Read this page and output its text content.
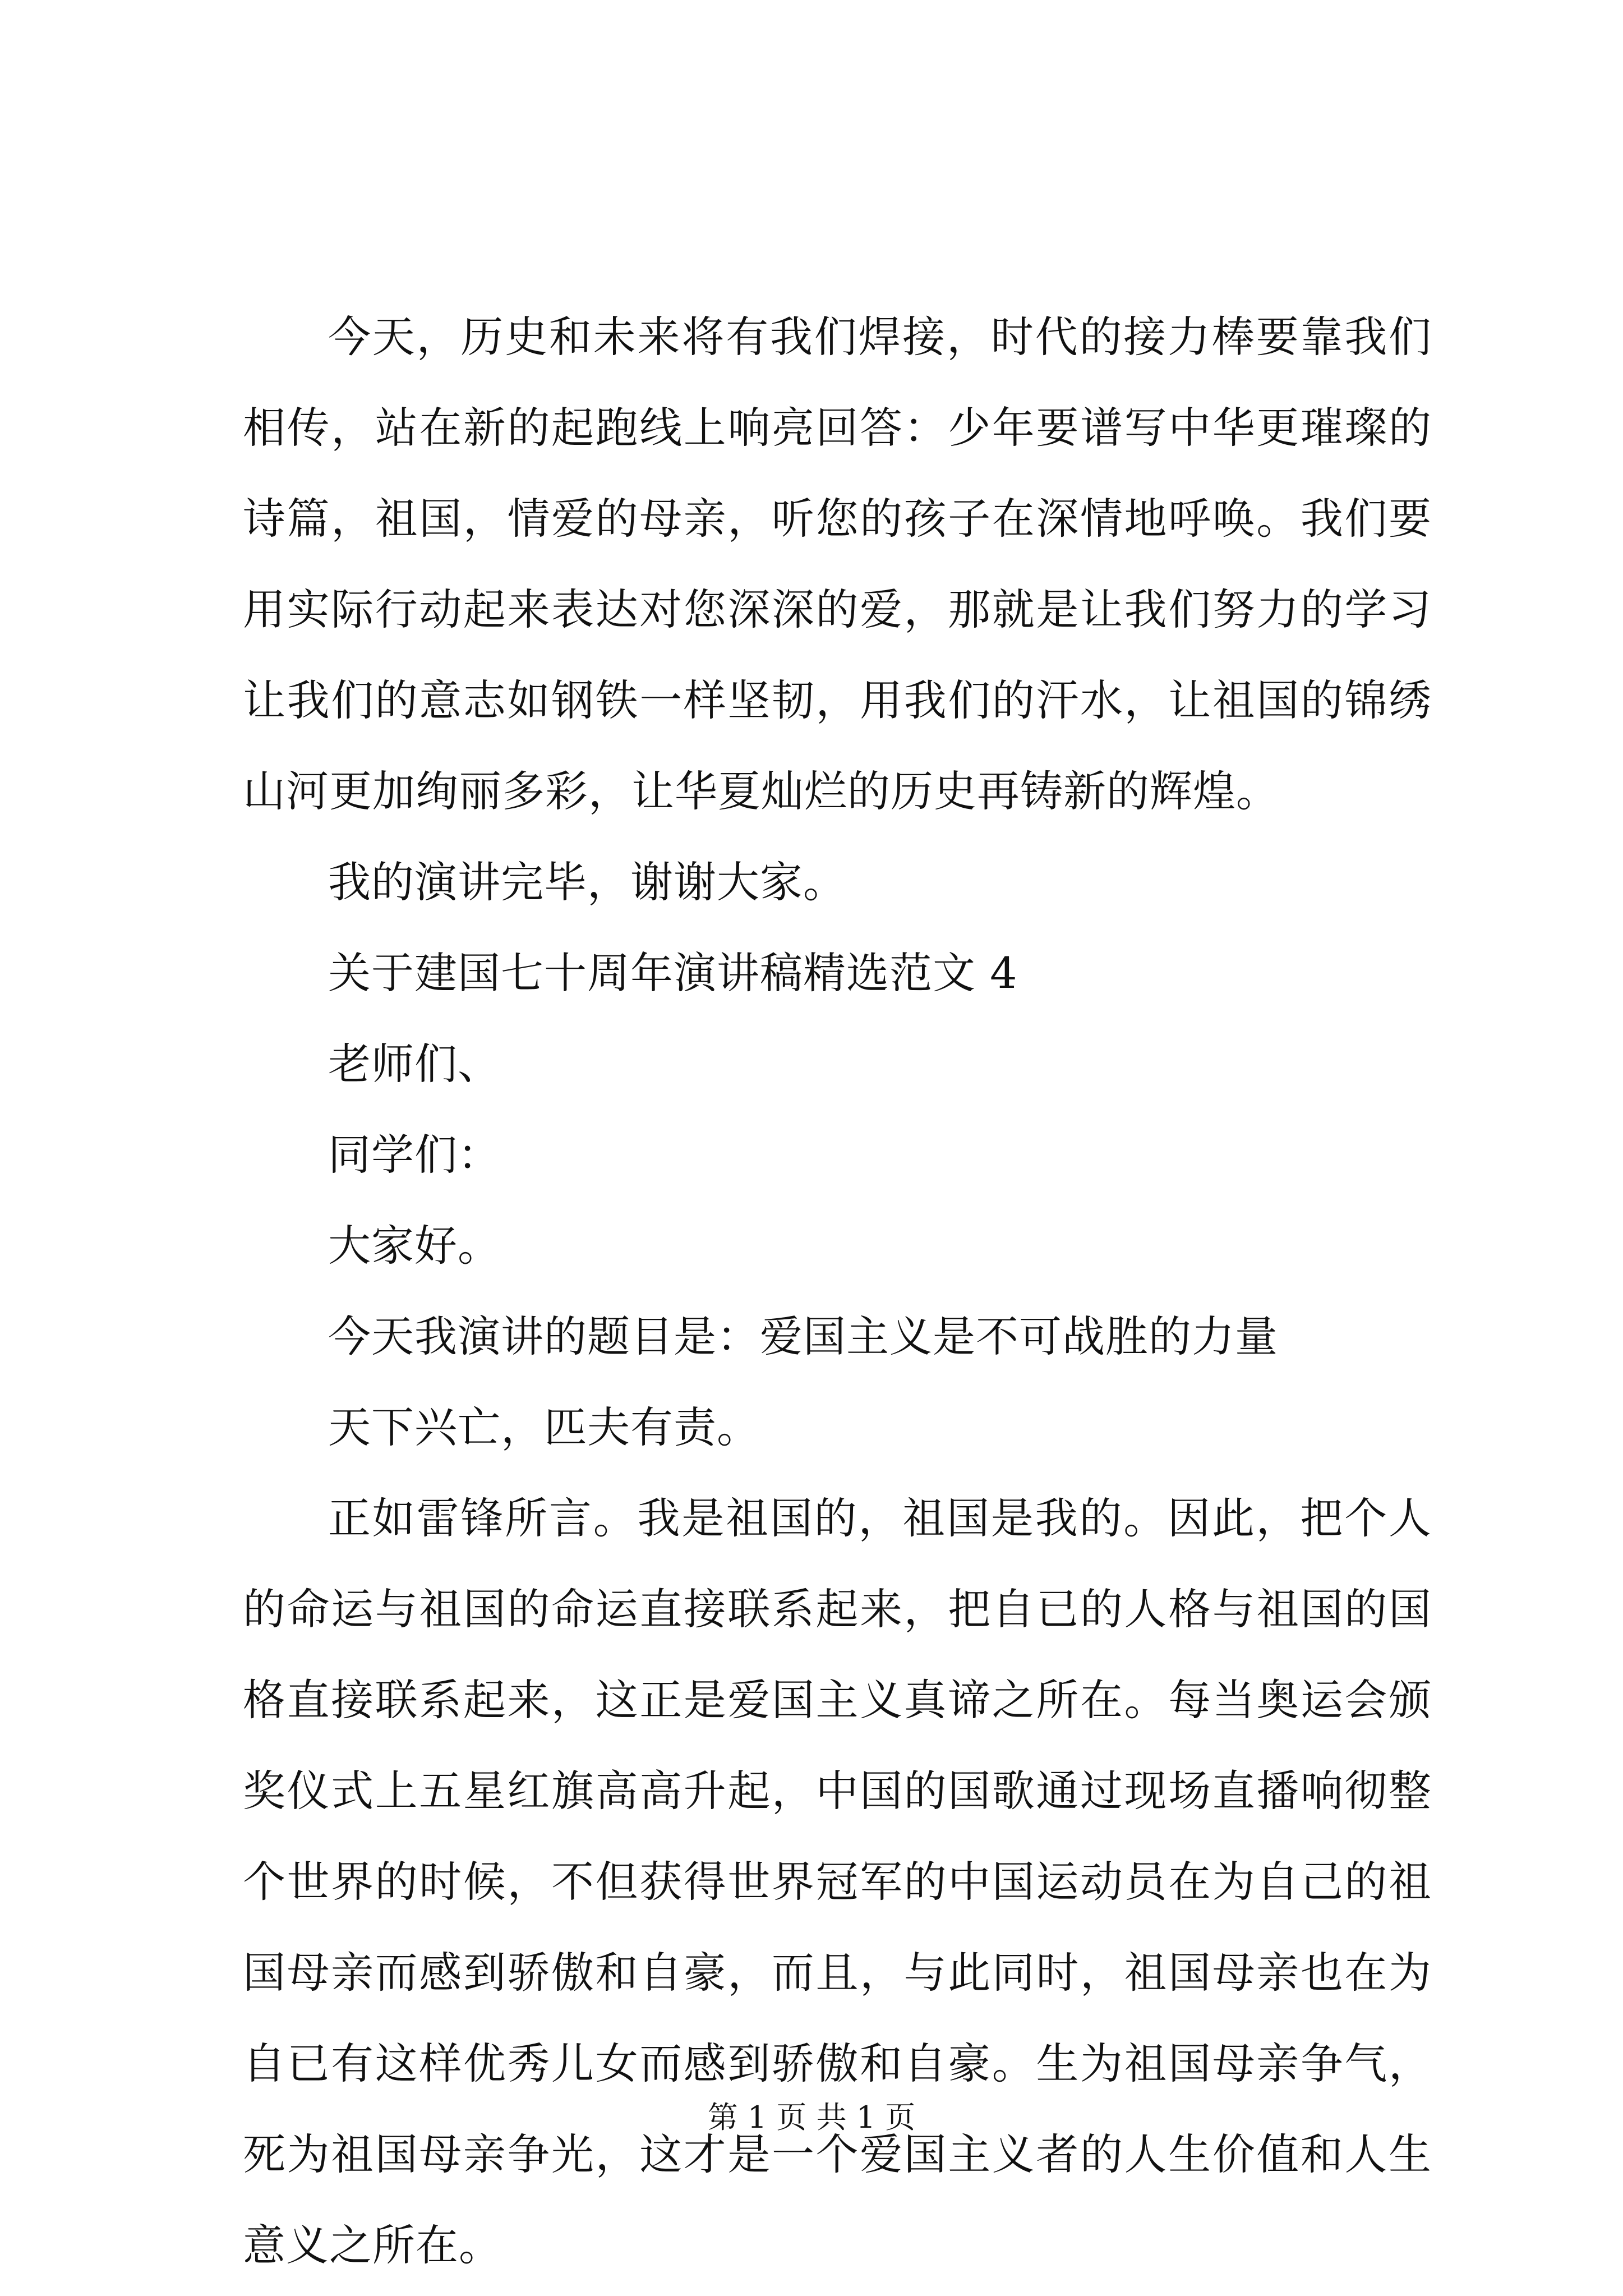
今天，历史和未来将有我们焊接，时代的接力棒要靠我们相传，站在新的起跑线上响亮回答：少年要谱写中华更璀璨的诗篇，祖国，情爱的母亲，听您的孩子在深情地呼唤。我们要用实际行动起来表达对您深深的爱，那就是让我们努力的学习让我们的意志如钢铁一样坚韧，用我们的汗水，让祖国的锦绣山河更加绚丽多彩，让华夏灿烂的历史再铸新的辉煌。

我的演讲完毕，谢谢大家。

关于建国七十周年演讲稿精选范文 4

老师们、

同学们：

大家好。

今天我演讲的题目是：爱国主义是不可战胜的力量

天下兴亡，匹夫有责。

正如雷锋所言。我是祖国的，祖国是我的。因此，把个人的命运与祖国的命运直接联系起来，把自已的人格与祖国的国格直接联系起来，这正是爱国主义真谛之所在。每当奥运会颁奖仪式上五星红旗高高升起，中国的国歌通过现场直播响彻整个世界的时候，不但获得世界冠军的中国运动员在为自己的祖国母亲而感到骄傲和自豪，而且，与此同时，祖国母亲也在为自已有这样优秀儿女而感到骄傲和自豪。生为祖国母亲争气，死为祖国母亲争光，这才是一个爱国主义者的人生价值和人生意义之所在。

第 1 页 共 1 页
